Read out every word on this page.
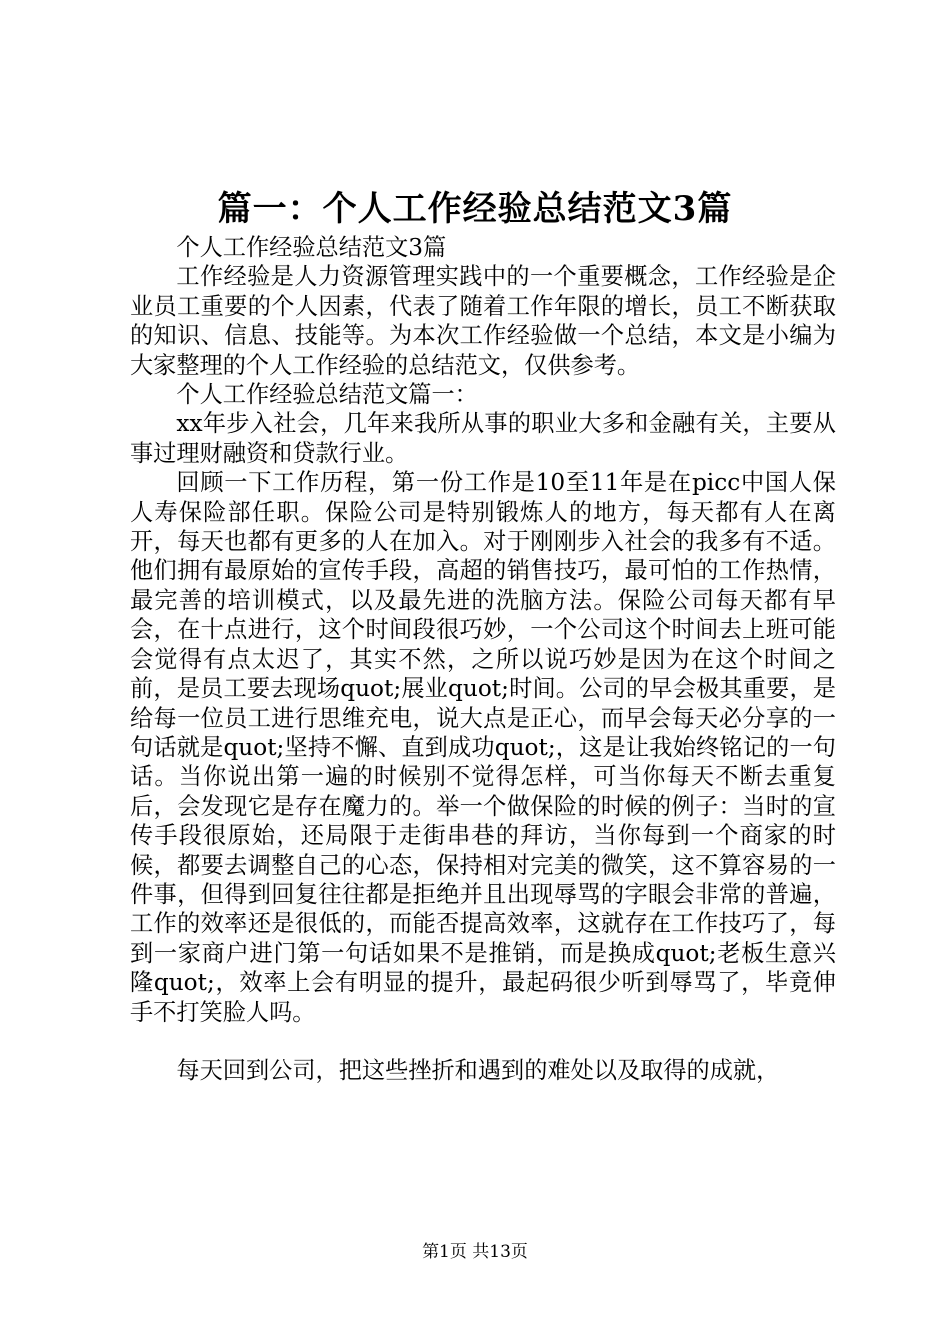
篇一：个人工作经验总结范文3篇

个人工作经验总结范文3篇

工作经验是人力资源管理实践中的一个重要概念，工作经验是企业员工重要的个人因素，代表了随着工作年限的增长，员工不断获取的知识、信息、技能等。为本次工作经验做一个总结，本文是小编为大家整理的个人工作经验的总结范文，仅供参考。

个人工作经验总结范文篇一：

xx年步入社会，几年来我所从事的职业大多和金融有关，主要从事过理财融资和贷款行业。

回顾一下工作历程，第一份工作是10至11年是在picc中国人保人寿保险部任职。保险公司是特别锻炼人的地方，每天都有人在离开，每天也都有更多的人在加入。对于刚刚步入社会的我多有不适。他们拥有最原始的宣传手段，高超的销售技巧，最可怕的工作热情，最完善的培训模式，以及最先进的洗脑方法。保险公司每天都有早会，在十点进行，这个时间段很巧妙，一个公司这个时间去上班可能会觉得有点太迟了，其实不然，之所以说巧妙是因为在这个时间之前，是员工要去现场quot;展业quot;时间。公司的早会极其重要，是给每一位员工进行思维充电，说大点是正心，而早会每天必分享的一句话就是quot;坚持不懈、直到成功quot;，这是让我始终铭记的一句话。当你说出第一遍的时候别不觉得怎样，可当你每天不断去重复后，会发现它是存在魔力的。举一个做保险的时候的例子：当时的宣传手段很原始，还局限于走街串巷的拜访，当你每到一个商家的时候，都要去调整自己的心态，保持相对完美的微笑，这不算容易的一件事，但得到回复往往都是拒绝并且出现辱骂的字眼会非常的普遍，工作的效率还是很低的，而能否提高效率，这就存在工作技巧了，每到一家商户进门第一句话如果不是推销，而是换成quot;老板生意兴隆quot;，效率上会有明显的提升，最起码很少听到辱骂了，毕竟伸手不打笑脸人吗。

每天回到公司，把这些挫折和遇到的难处以及取得的成就，

第1页 共13页
